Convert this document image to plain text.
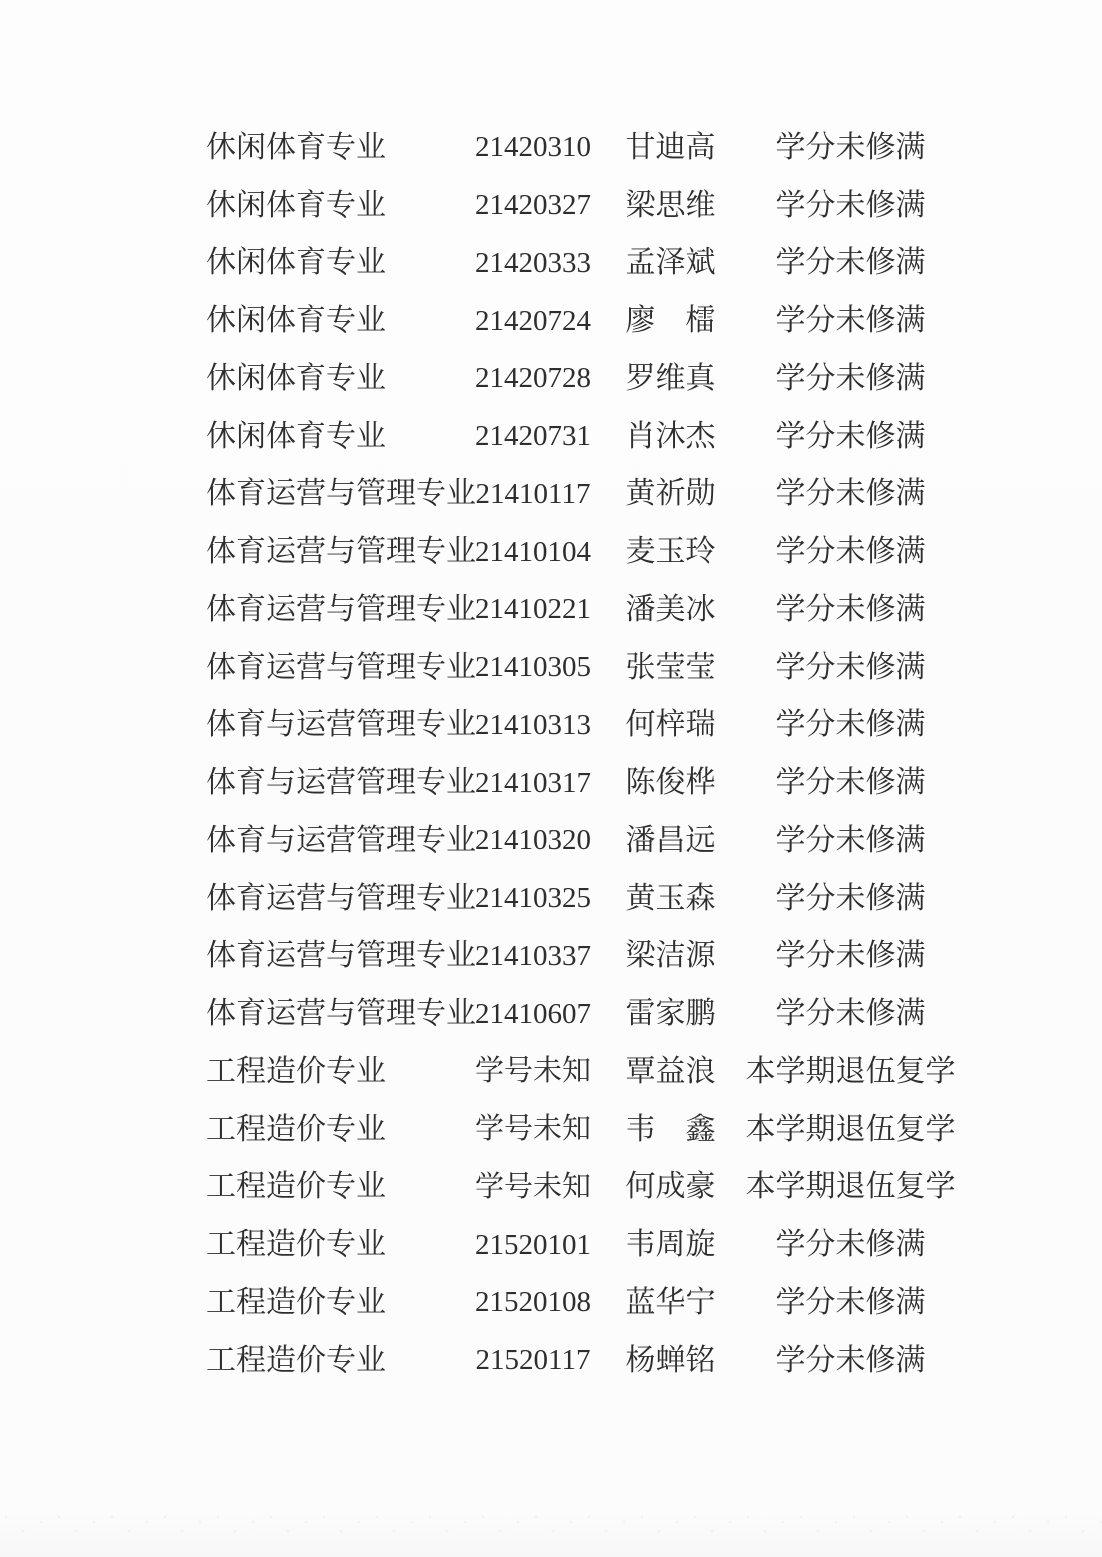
休闲体育专业	21420310	甘迪高	学分未修满
休闲体育专业	21420327	梁思维	学分未修满
休闲体育专业	21420333	孟泽斌	学分未修满
休闲体育专业	21420724	廖　檑	学分未修满
休闲体育专业	21420728	罗维真	学分未修满
休闲体育专业	21420731	肖沐杰	学分未修满
体育运营与管理专业 21410117	黄祈勋	学分未修满
体育运营与管理专业 21410104	麦玉玲	学分未修满
体育运营与管理专业 21410221	潘美冰	学分未修满
体育运营与管理专业 21410305	张莹莹	学分未修满
体育与运营管理专业 21410313	何梓瑞	学分未修满
体育与运营管理专业 21410317	陈俊桦	学分未修满
体育与运营管理专业 21410320	潘昌远	学分未修满
体育运营与管理专业 21410325	黄玉森	学分未修满
体育运营与管理专业 21410337	梁洁源	学分未修满
体育运营与管理专业 21410607	雷家鹏	学分未修满
工程造价专业	学号未知	覃益浪	本学期退伍复学
工程造价专业	学号未知	韦　鑫	本学期退伍复学
工程造价专业	学号未知	何成豪	本学期退伍复学
工程造价专业	21520101	韦周旋	学分未修满
工程造价专业	21520108	蓝华宁	学分未修满
工程造价专业	21520117	杨蝉铭	学分未修满
